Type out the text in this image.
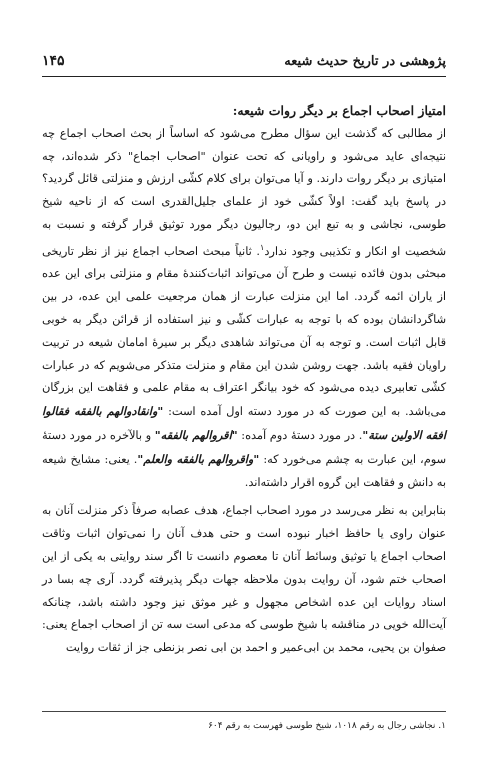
۱۴۵	پژوهشی در تاریخ حدیث شیعه

امتیاز اصحاب اجماع بر دیگر روات شیعه:

از مطالبی که گذشت این سؤال مطرح می‌شود که اساساً از بحث اصحاب اجماع چه نتیجه‌ای عاید می‌شود و راویانی که تحت عنوان "اصحاب اجماع" ذکر شده‌اند، چه امتیازی بر دیگر روات دارند. و آیا می‌توان برای کلام کشّی ارزش و منزلتی قائل گردید؟ در پاسخ باید گفت: اولاً کشّی خود از علمای جلیل‌القدری است که از ناحیه شیخ طوسی، نجاشی و به تبع این دو، رجالیون دیگر مورد توثیق قرار گرفته و نسبت به شخصیت او انکار و تکذیبی وجود ندارد$^۱$. ثانیاً مبحث اصحاب اجماع نیز از نظر تاریخی مبحثی بدون فائده نیست و طرح آن می‌تواند اثبات‌کنندهٔ مقام و منزلتی برای این عده از یاران ائمه گردد. اما این منزلت عبارت از همان مرجعیت علمی این عده، در بین شاگردانشان بوده که با توجه به عبارات کشّی و نیز استفاده از قرائن دیگر به خوبی قابل اثبات است. و توجه به آن می‌تواند شاهدی دیگر بر سیرهٔ امامان شیعه در تربیت راویان فقیه باشد. جهت روشن شدن این مقام و منزلت متذکر می‌شویم که در عبارات کشّی تعابیری دیده می‌شود که خود بیانگر اعتراف به مقام علمی و فقاهت این بزرگان می‌باشد. به این صورت که در مورد دسته اول آمده است: "وانقادوالهم بالفقه فقالوا افقه الاولین ستة". در مورد دستهٔ دوم آمده: "اقروالهم بالفقه" و بالآخره در مورد دستهٔ سوم، این عبارت به چشم می‌خورد که: "واقروالهم بالفقه والعلم". یعنی: مشایخ شیعه به دانش و فقاهت این گروه اقرار داشته‌اند.

بنابراین به نظر می‌رسد در مورد اصحاب اجماع، هدف عصابه صرفاً ذکر منزلت آنان به عنوان راوی یا حافظ اخبار نبوده است و حتی هدف آنان را نمی‌توان اثبات وثاقت اصحاب اجماع یا توثیق وسائط آنان تا معصوم دانست تا اگر سند روایتی به یکی از این اصحاب ختم شود، آن روایت بدون ملاحظه جهات دیگر پذیرفته گردد. آری چه بسا در اسناد روایات این عده اشخاص مجهول و غیر موثق نیز وجود داشته باشد، چنانکه آیت‌الله خویی در مناقشه با شیخ طوسی که مدعی است سه تن از اصحاب اجماع یعنی: صفوان بن یحیی، محمد بن ابی‌عمیر و احمد بن ابی نصر بزنطی جز از ثقات روایت

۱. نجاشی رجال به رقم ۱۰۱۸، شیخ طوسی فهرست به رقم ۶۰۴
